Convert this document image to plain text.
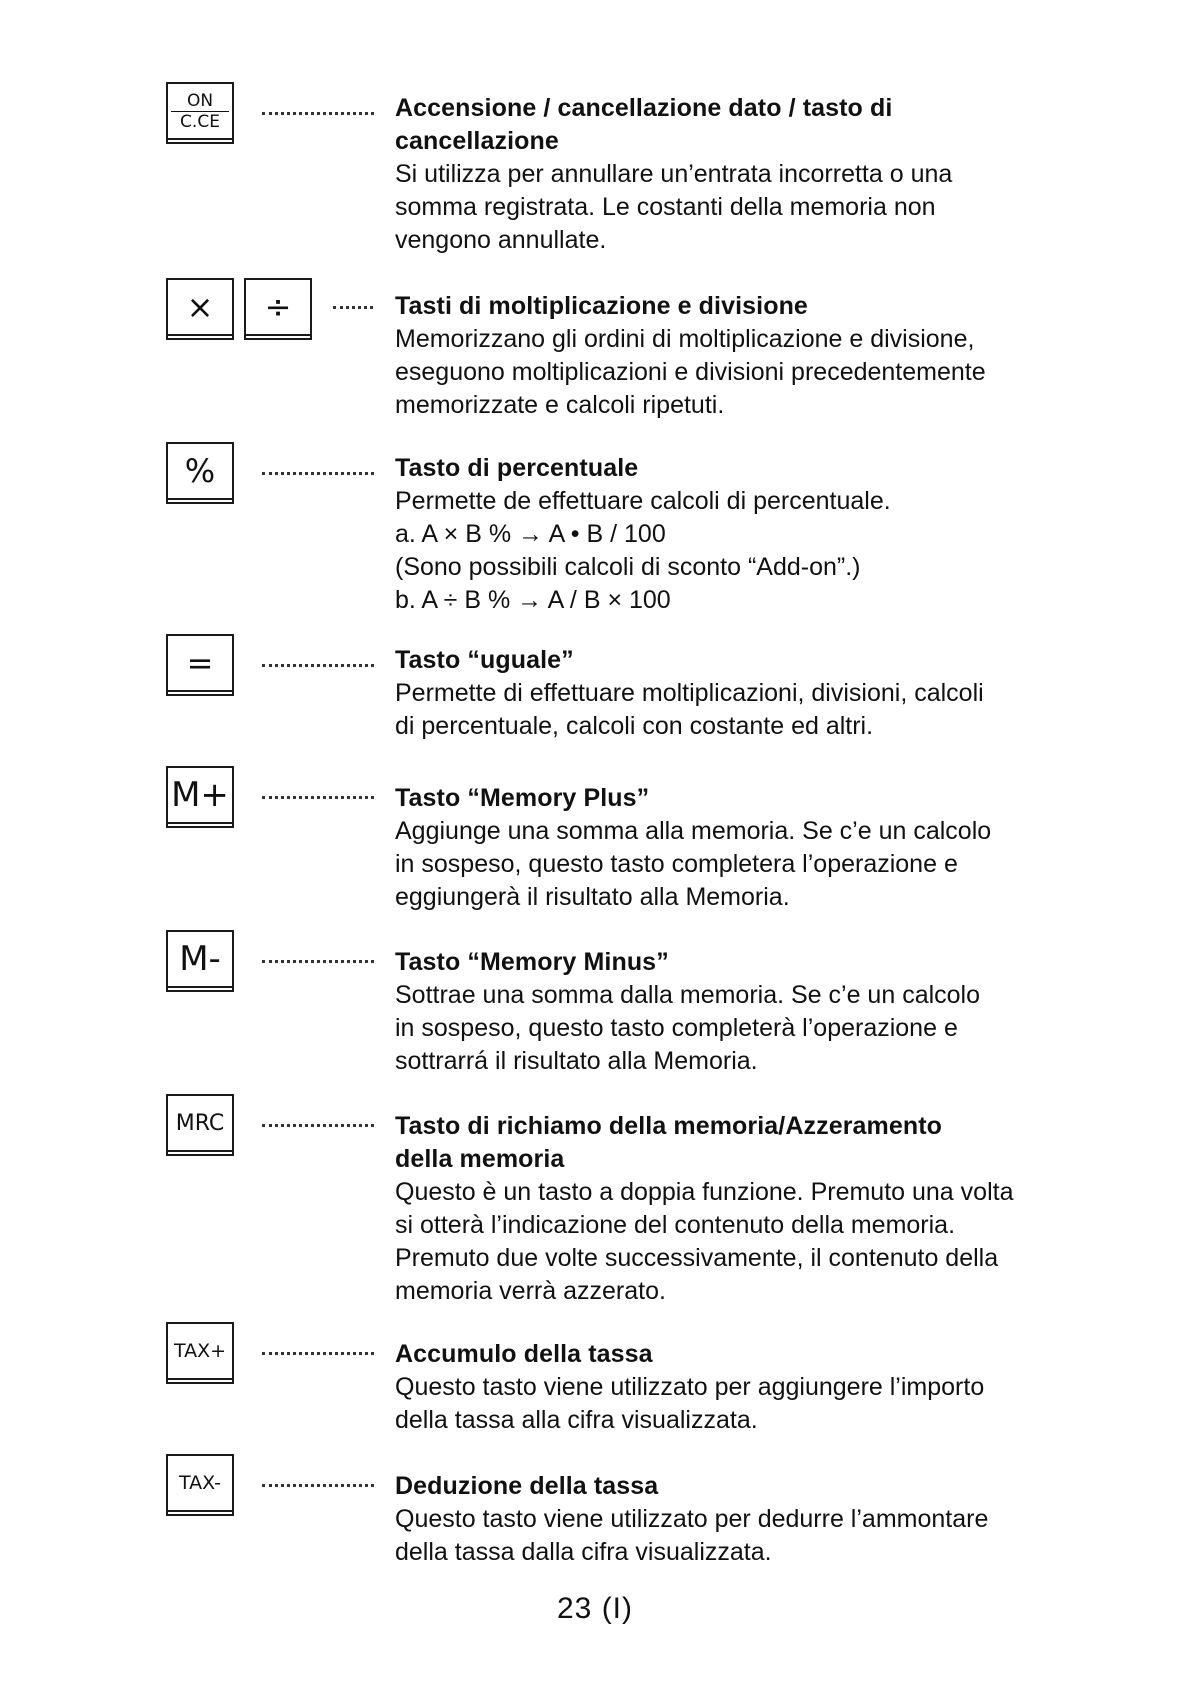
ON
C.CE	Accensione / cancellazione dato / tasto di
cancellazione

Si utilizza per annullare un’entrata incorretta o una
somma registrata. Le costanti della memoria non
vengono annullate.

× ÷	Tasti di moltiplicazione e divisione

Memorizzano gli ordini di moltiplicazione e divisione,
eseguono moltiplicazioni e divisioni precedentemente
memorizzate e calcoli ripetuti.

%	Tasto di percentuale

Permette de effettuare calcoli di percentuale.
a. A × B % → A • B / 100
(Sono possibili calcoli di sconto “Add-on”.)
b. A ÷ B % → A / B × 100

=	Tasto “uguale”

Permette di effettuare moltiplicazioni, divisioni, calcoli
di percentuale, calcoli con costante ed altri.

M+	Tasto “Memory Plus”

Aggiunge una somma alla memoria. Se c’e un calcolo
in sospeso, questo tasto completera l’operazione e
eggiungerà il risultato alla Memoria.

M-	Tasto “Memory Minus”

Sottrae una somma dalla memoria. Se c’e un calcolo
in sospeso, questo tasto completerà l’operazione e
sottrarrá il risultato alla Memoria.

MRC	Tasto di richiamo della memoria/Azzeramento
della memoria

Questo è un tasto a doppia funzione. Premuto una volta
si otterà l’indicazione del contenuto della memoria.
Premuto due volte successivamente, il contenuto della
memoria verrà azzerato.

TAX+	Accumulo della tassa

Questo tasto viene utilizzato per aggiungere l’importo
della tassa alla cifra visualizzata.

TAX-	Deduzione della tassa

Questo tasto viene utilizzato per dedurre l’ammontare
della tassa dalla cifra visualizzata.

23 (I)
